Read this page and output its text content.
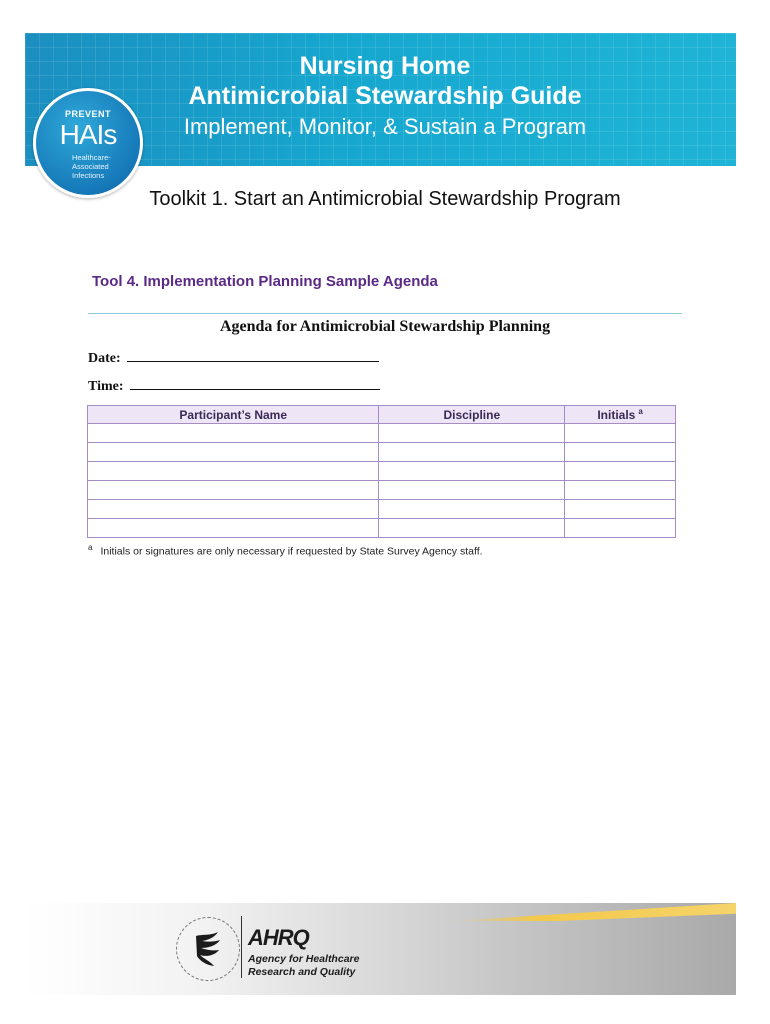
PREVENT
HAIs
Healthcare-Associated Infections
Nursing Home
Antimicrobial Stewardship Guide
Implement, Monitor, & Sustain a Program
Toolkit 1. Start an Antimicrobial Stewardship Program
Tool 4. Implementation Planning Sample Agenda
Agenda for Antimicrobial Stewardship Planning
Date:
Time:
Participant’s Name	Discipline	Initials $^a$

$^a$ Initials or signatures are only necessary if requested by State Survey Agency staff.
AHRQ
Agency for Healthcare
Research and Quality
